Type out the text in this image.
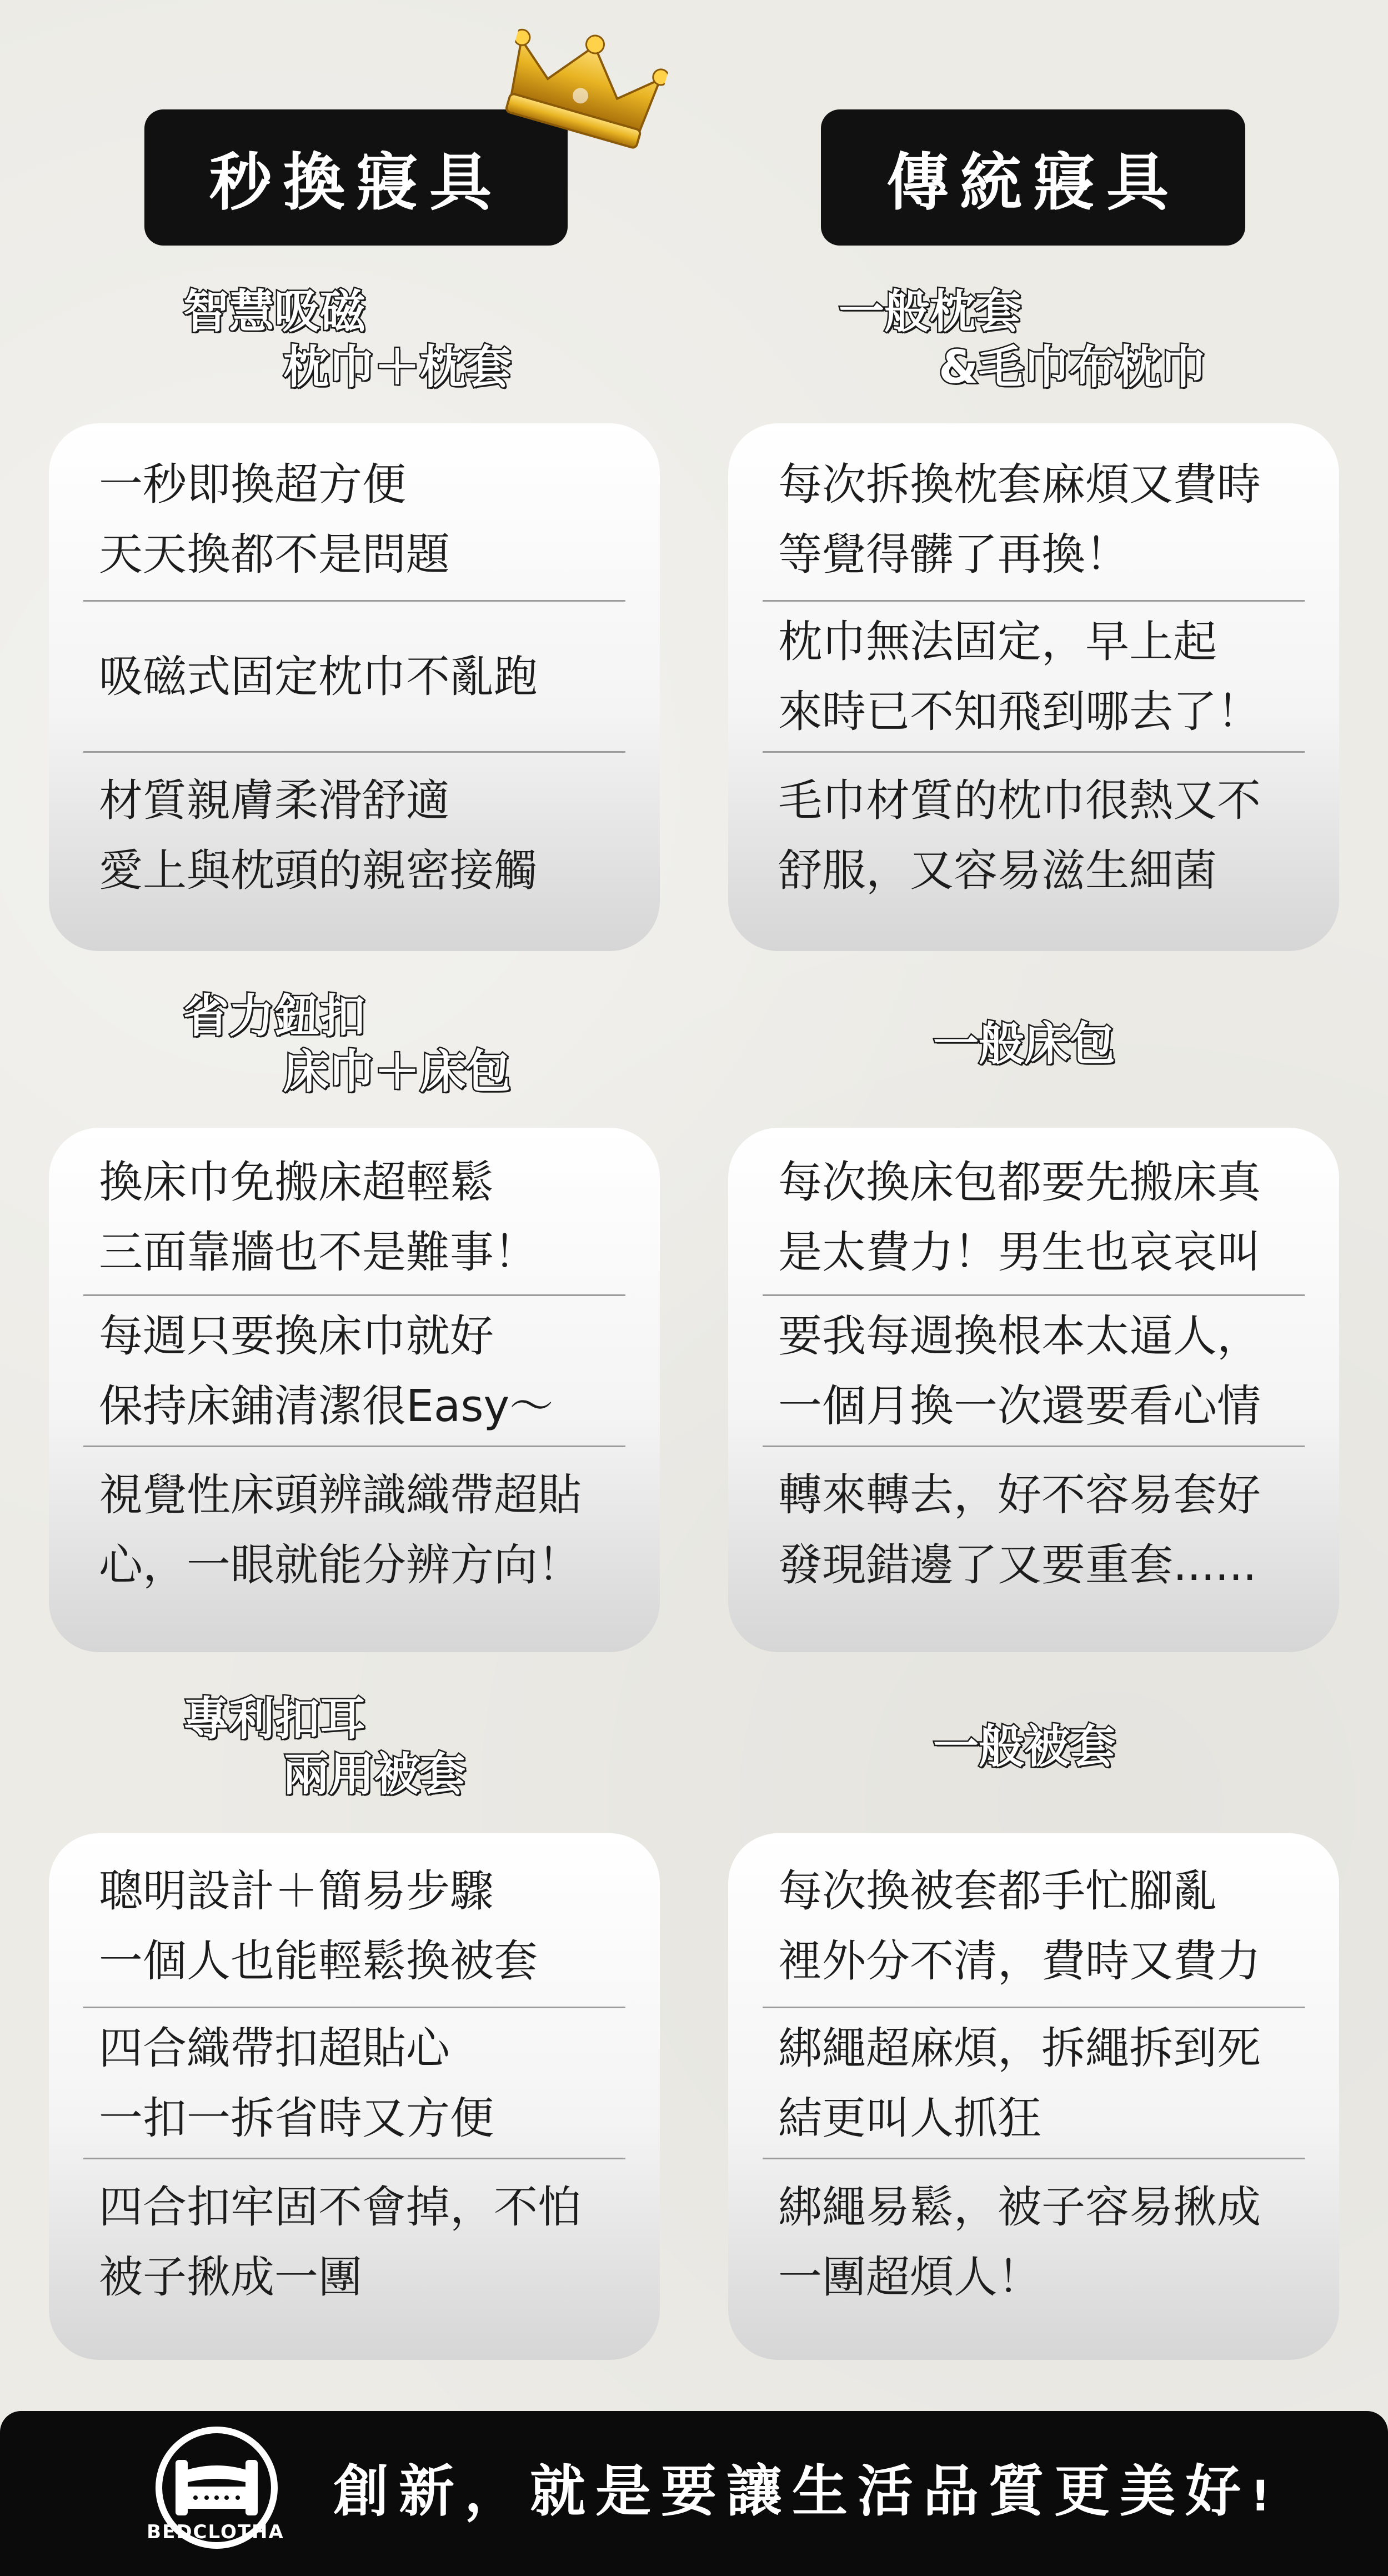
秒換寢具	傳統寢具
智慧吸磁
枕巾＋枕套
一般枕套
&毛巾布枕巾

一秒即換超方便
天天換都不是問題

吸磁式固定枕巾不亂跑

材質親膚柔滑舒適
愛上與枕頭的親密接觸

每次拆換枕套麻煩又費時
等覺得髒了再換！

枕巾無法固定，早上起
來時已不知飛到哪去了！

毛巾材質的枕巾很熱又不
舒服，又容易滋生細菌

省力鈕扣
床巾＋床包
一般床包

換床巾免搬床超輕鬆
三面靠牆也不是難事！

每週只要換床巾就好
保持床鋪清潔很Easy～

視覺性床頭辨識織帶超貼
心，一眼就能分辨方向！

每次換床包都要先搬床真
是太費力！男生也哀哀叫

要我每週換根本太逼人，
一個月換一次還要看心情

轉來轉去，好不容易套好
發現錯邊了又要重套......

專利扣耳
兩用被套
一般被套

聰明設計＋簡易步驟
一個人也能輕鬆換被套

四合織帶扣超貼心
一扣一拆省時又方便

四合扣牢固不會掉，不怕
被子揪成一團

每次換被套都手忙腳亂
裡外分不清，費時又費力

綁繩超麻煩，拆繩拆到死
結更叫人抓狂

綁繩易鬆，被子容易揪成
一團超煩人！

BEDCLOTHA
創新，就是要讓生活品質更美好!
